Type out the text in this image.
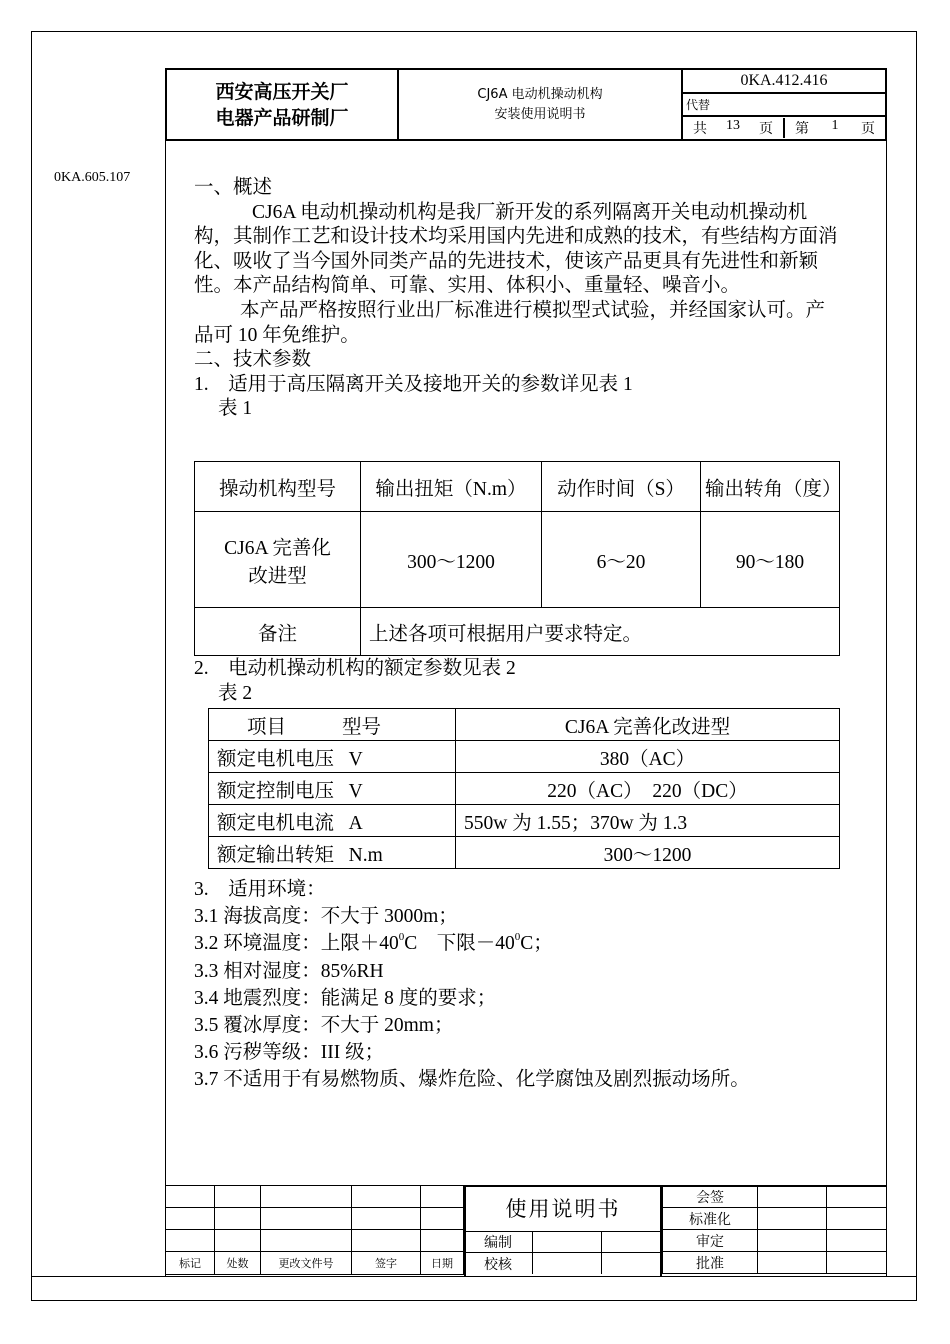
0KA.605.107
西安高压开关厂
电器产品研制厂

CJ6A 电动机操动机构
安装使用说明书
	0KA.412.416
代替

共 13 页 第 1 页

一、概述

CJ6A 电动机操动机构是我厂新开发的系列隔离开关电动机操动机构，其制作工艺和设计技术均采用国内先进和成熟的技术，有些结构方面消化、吸收了当今国外同类产品的先进技术，使该产品更具有先进性和新颖性。本产品结构简单、可靠、实用、体积小、重量轻、噪音小。

本产品严格按照行业出厂标准进行模拟型式试验，并经国家认可。产品可 10 年免维护。

二、技术参数

1.　适用于高压隔离开关及接地开关的参数详见表 1

表 1

操动机构型号	输出扭矩（N.m）	动作时间（S）	输出转角（度）

CJ6A 完善化
改进型	300～1200	6～20	90～180
备注	上述各项可根据用户要求特定。		

2.　电动机操动机构的额定参数见表 2

表 2

项目 型号	CJ6A 完善化改进型
额定电机电压 V	380（AC）
额定控制电压 V	220（AC）　220（DC）
额定电机电流 A	550w 为 1.55；370w 为 1.3
额定输出转矩 N.m	300～1200

3.　适用环境：

3.1 海拔高度：不大于 3000m；

3.2 环境温度：上限$+40^0C$　下限$-40^0C$；

3.3 相对湿度：85%RH

3.4 地震烈度：能满足 8 度的要求；

3.5 覆冰厚度：不大于 20mm；

3.6 污秽等级：III 级；

3.7 不适用于有易燃物质、爆炸危险、化学腐蚀及剧烈振动场所。

标记	处数	更改文件号	签字	日期
使用说明书
编制		
校核		
会签		
标准化		
审定		
批准		
